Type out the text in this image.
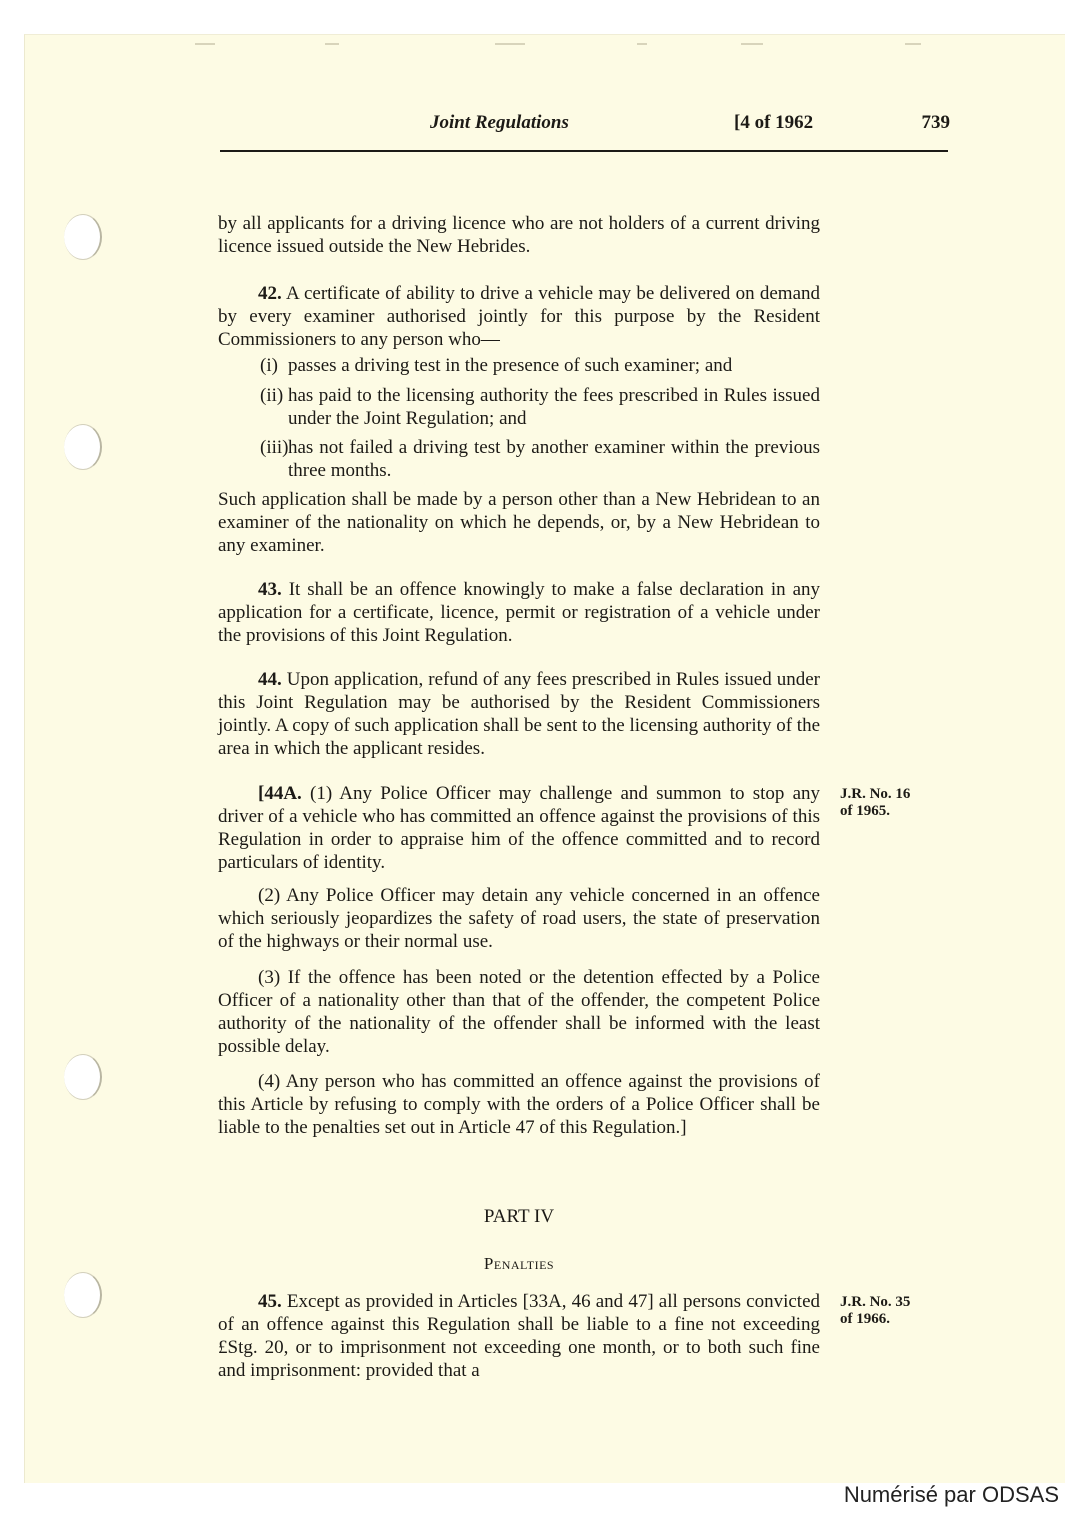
Joint Regulations	[4 of 1962	739
by all applicants for a driving licence who are not holders of a current driving licence issued outside the New Hebrides.
42. A certificate of ability to drive a vehicle may be delivered on demand by every examiner authorised jointly for this purpose by the Resident Commissioners to any person who—
(i) passes a driving test in the presence of such examiner; and
(ii) has paid to the licensing authority the fees prescribed in Rules issued under the Joint Regulation; and
(iii) has not failed a driving test by another examiner within the previous three months.
Such application shall be made by a person other than a New Hebridean to an examiner of the nationality on which he depends, or, by a New Hebridean to any examiner.
43. It shall be an offence knowingly to make a false declaration in any application for a certificate, licence, permit or registration of a vehicle under the provisions of this Joint Regulation.
44. Upon application, refund of any fees prescribed in Rules issued under this Joint Regulation may be authorised by the Resident Commissioners jointly. A copy of such application shall be sent to the licensing authority of the area in which the applicant resides.
[44A. (1) Any Police Officer may challenge and summon to stop any driver of a vehicle who has committed an offence against the provisions of this Regulation in order to appraise him of the offence committed and to record particulars of identity.
J.R. No. 16
of 1965.
(2) Any Police Officer may detain any vehicle concerned in an offence which seriously jeopardizes the safety of road users, the state of preservation of the highways or their normal use.
(3) If the offence has been noted or the detention effected by a Police Officer of a nationality other than that of the offender, the competent Police authority of the nationality of the offender shall be informed with the least possible delay.
(4) Any person who has committed an offence against the provisions of this Article by refusing to comply with the orders of a Police Officer shall be liable to the penalties set out in Article 47 of this Regulation.]
PART IV
Penalties
45. Except as provided in Articles [33A, 46 and 47] all persons convicted of an offence against this Regulation shall be liable to a fine not exceeding £Stg. 20, or to imprisonment not exceeding one month, or to both such fine and imprisonment: provided that a
J.R. No. 35
of 1966.
Numérisé par ODSAS
